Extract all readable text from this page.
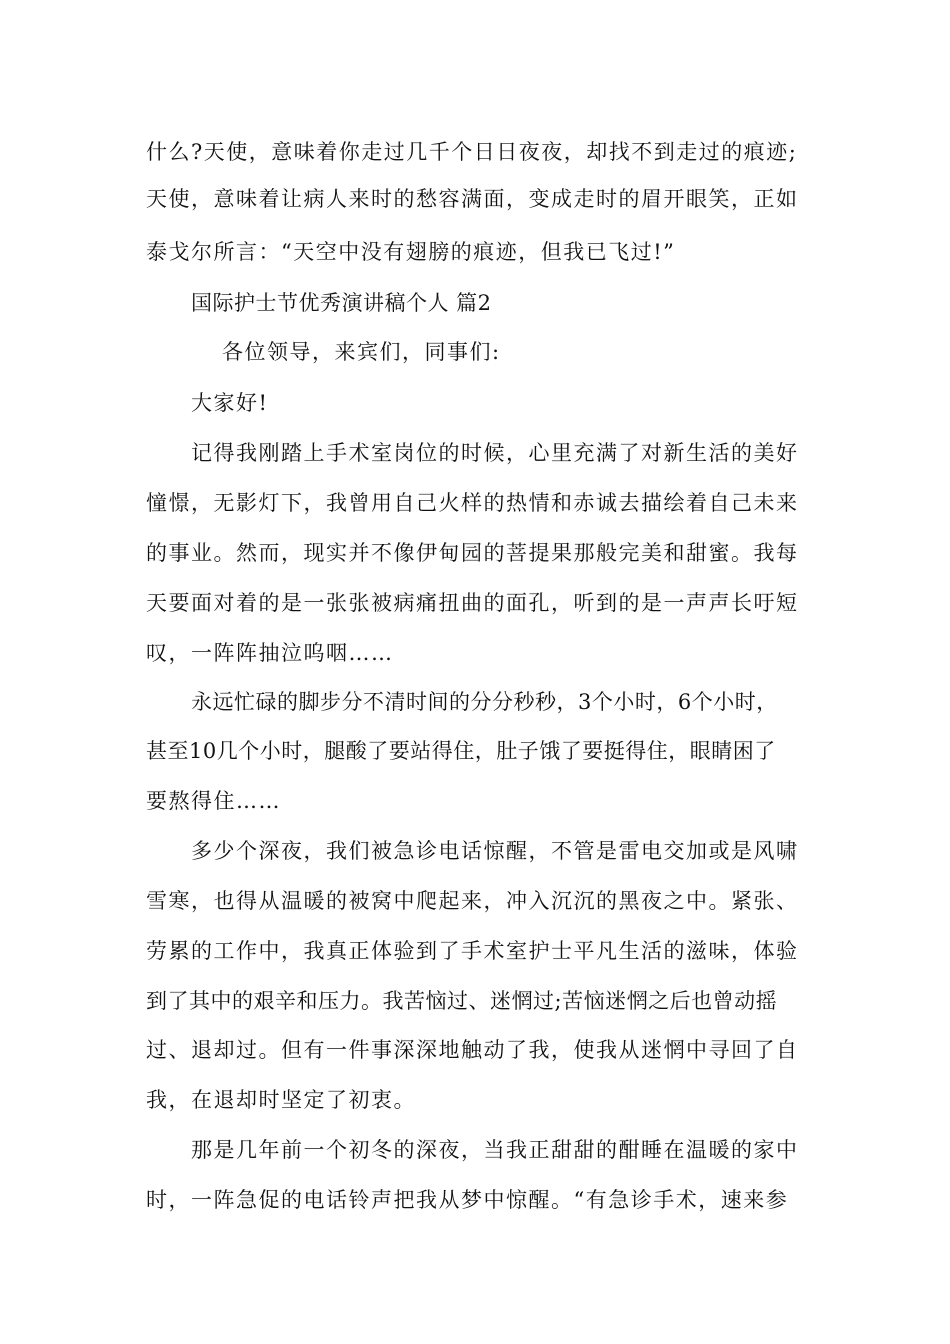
什么?天使，意味着你走过几千个日日夜夜，却找不到走过的痕迹;
天使，意味着让病人来时的愁容满面，变成走时的眉开眼笑，正如
泰戈尔所言：“天空中没有翅膀的痕迹，但我已飞过!”
国际护士节优秀演讲稿个人 篇2
各位领导，来宾们，同事们:
大家好!
记得我刚踏上手术室岗位的时候，心里充满了对新生活的美好
憧憬，无影灯下，我曾用自己火样的热情和赤诚去描绘着自己未来
的事业。然而，现实并不像伊甸园的菩提果那般完美和甜蜜。我每
天要面对着的是一张张被病痛扭曲的面孔，听到的是一声声长吁短
叹，一阵阵抽泣呜咽……
永远忙碌的脚步分不清时间的分分秒秒，3个小时，6个小时，
甚至10几个小时，腿酸了要站得住，肚子饿了要挺得住，眼睛困了
要熬得住……
多少个深夜，我们被急诊电话惊醒，不管是雷电交加或是风啸
雪寒，也得从温暖的被窝中爬起来，冲入沉沉的黑夜之中。紧张、
劳累的工作中，我真正体验到了手术室护士平凡生活的滋味，体验
到了其中的艰辛和压力。我苦恼过、迷惘过;苦恼迷惘之后也曾动摇
过、退却过。但有一件事深深地触动了我，使我从迷惘中寻回了自
我，在退却时坚定了初衷。
那是几年前一个初冬的深夜，当我正甜甜的酣睡在温暖的家中
时，一阵急促的电话铃声把我从梦中惊醒。“有急诊手术，速来参
